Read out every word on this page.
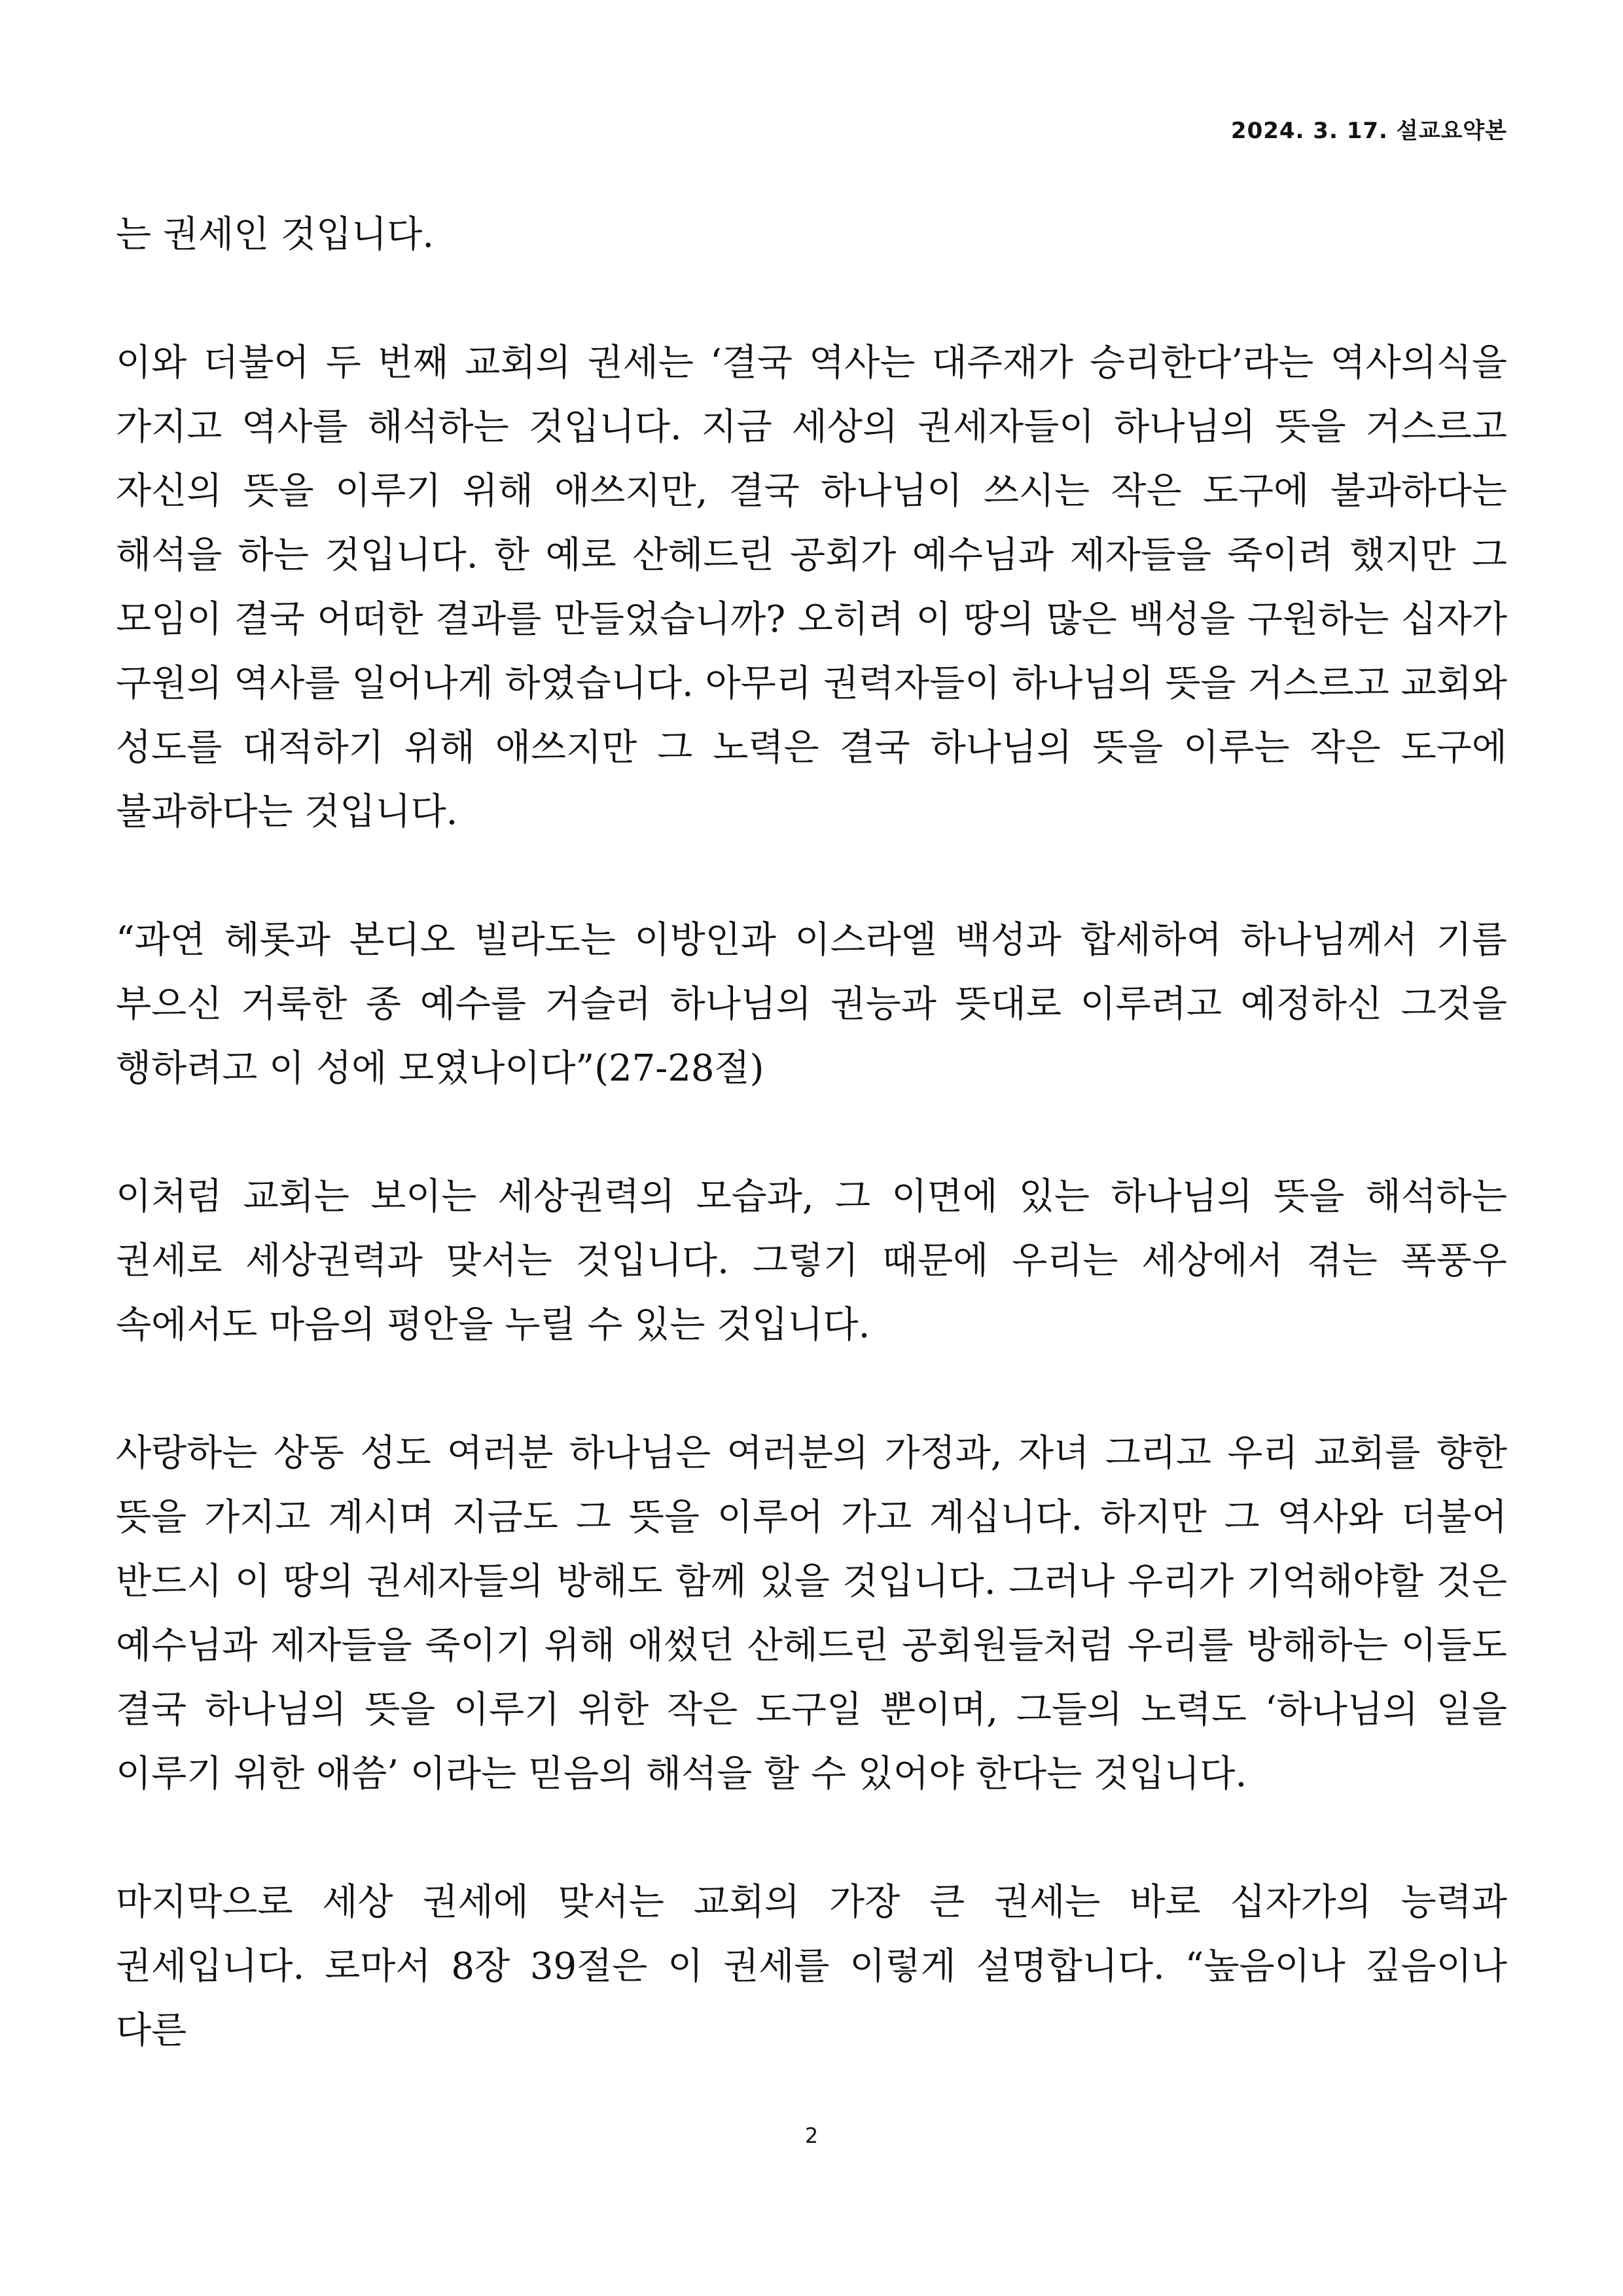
2024. 3. 17. 설교요약본

는 권세인 것입니다.

이와 더불어 두 번째 교회의 권세는 ‘결국 역사는 대주재가 승리한다’라는 역사의식을 가지고 역사를 해석하는 것입니다. 지금 세상의 권세자들이 하나님의 뜻을 거스르고 자신의 뜻을 이루기 위해 애쓰지만, 결국 하나님이 쓰시는 작은 도구에 불과하다는 해석을 하는 것입니다. 한 예로 산헤드린 공회가 예수님과 제자들을 죽이려 했지만 그 모임이 결국 어떠한 결과를 만들었습니까? 오히려 이 땅의 많은 백성을 구원하는 십자가 구원의 역사를 일어나게 하였습니다. 아무리 권력자들이 하나님의 뜻을 거스르고 교회와 성도를 대적하기 위해 애쓰지만 그 노력은 결국 하나님의 뜻을 이루는 작은 도구에 불과하다는 것입니다.

“과연 헤롯과 본디오 빌라도는 이방인과 이스라엘 백성과 합세하여 하나님께서 기름 부으신 거룩한 종 예수를 거슬러 하나님의 권능과 뜻대로 이루려고 예정하신 그것을 행하려고 이 성에 모였나이다”(27-28절)

이처럼 교회는 보이는 세상권력의 모습과, 그 이면에 있는 하나님의 뜻을 해석하는 권세로 세상권력과 맞서는 것입니다. 그렇기 때문에 우리는 세상에서 겪는 폭풍우 속에서도 마음의 평안을 누릴 수 있는 것입니다.

사랑하는 상동 성도 여러분 하나님은 여러분의 가정과, 자녀 그리고 우리 교회를 향한 뜻을 가지고 계시며 지금도 그 뜻을 이루어 가고 계십니다. 하지만 그 역사와 더불어 반드시 이 땅의 권세자들의 방해도 함께 있을 것입니다. 그러나 우리가 기억해야할 것은 예수님과 제자들을 죽이기 위해 애썼던 산헤드린 공회원들처럼 우리를 방해하는 이들도 결국 하나님의 뜻을 이루기 위한 작은 도구일 뿐이며, 그들의 노력도 ‘하나님의 일을 이루기 위한 애씀’ 이라는 믿음의 해석을 할 수 있어야 한다는 것입니다.

마지막으로 세상 권세에 맞서는 교회의 가장 큰 권세는 바로 십자가의 능력과 권세입니다. 로마서 8장 39절은 이 권세를 이렇게 설명합니다. “높음이나 깊음이나 다른

2
